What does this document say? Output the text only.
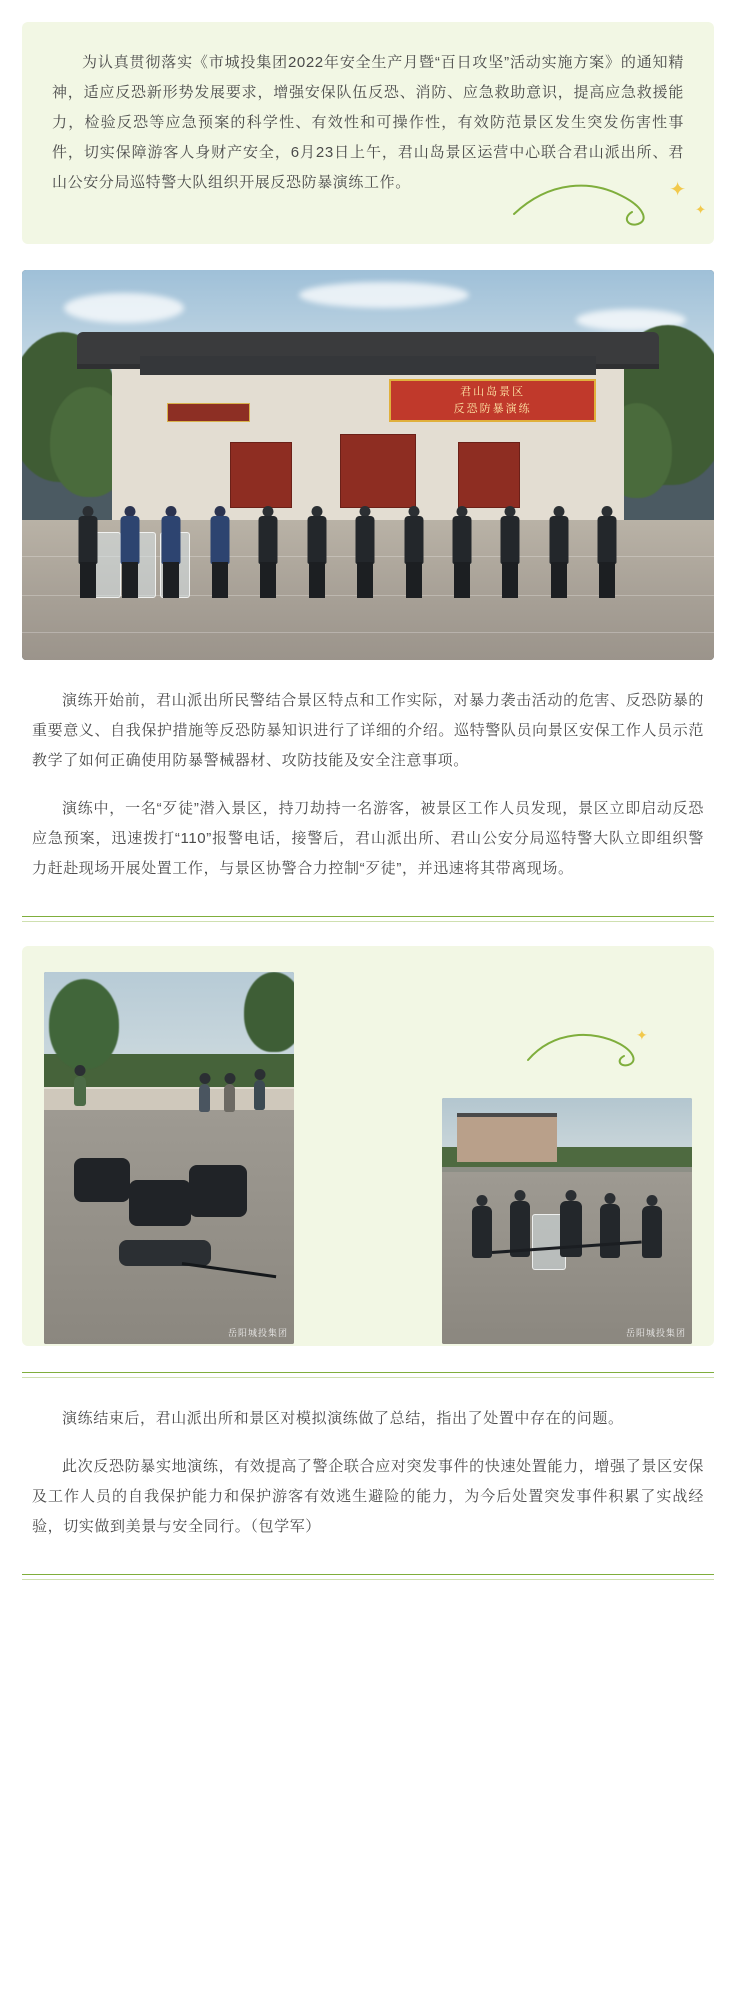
为认真贯彻落实《市城投集团2022年安全生产月暨“百日攻坚”活动实施方案》的通知精神，适应反恐新形势发展要求，增强安保队伍反恐、消防、应急救助意识，提高应急救援能力，检验反恐等应急预案的科学性、有效性和可操作性，有效防范景区发生突发伤害性事件，切实保障游客人身财产安全，6月23日上午，君山岛景区运营中心联合君山派出所、君山公安分局巡特警大队组织开展反恐防暴演练工作。	✦
✦
君山岛景区
反恐防暴演练

演练开始前，君山派出所民警结合景区特点和工作实际，对暴力袭击活动的危害、反恐防暴的重要意义、自我保护措施等反恐防暴知识进行了详细的介绍。巡特警队员向景区安保工作人员示范教学了如何正确使用防暴警械器材、攻防技能及安全注意事项。

演练中，一名“歹徒”潜入景区，持刀劫持一名游客，被景区工作人员发现，景区立即启动反恐应急预案，迅速拨打“110”报警电话，接警后，君山派出所、君山公安分局巡特警大队立即组织警力赶赴现场开展处置工作，与景区协警合力控制“歹徒”，并迅速将其带离现场。

✦
岳阳城投集团	岳阳城投集团

演练结束后，君山派出所和景区对模拟演练做了总结，指出了处置中存在的问题。

此次反恐防暴实地演练，有效提高了警企联合应对突发事件的快速处置能力，增强了景区安保及工作人员的自我保护能力和保护游客有效逃生避险的能力，为今后处置突发事件积累了实战经验，切实做到美景与安全同行。（包学军）
